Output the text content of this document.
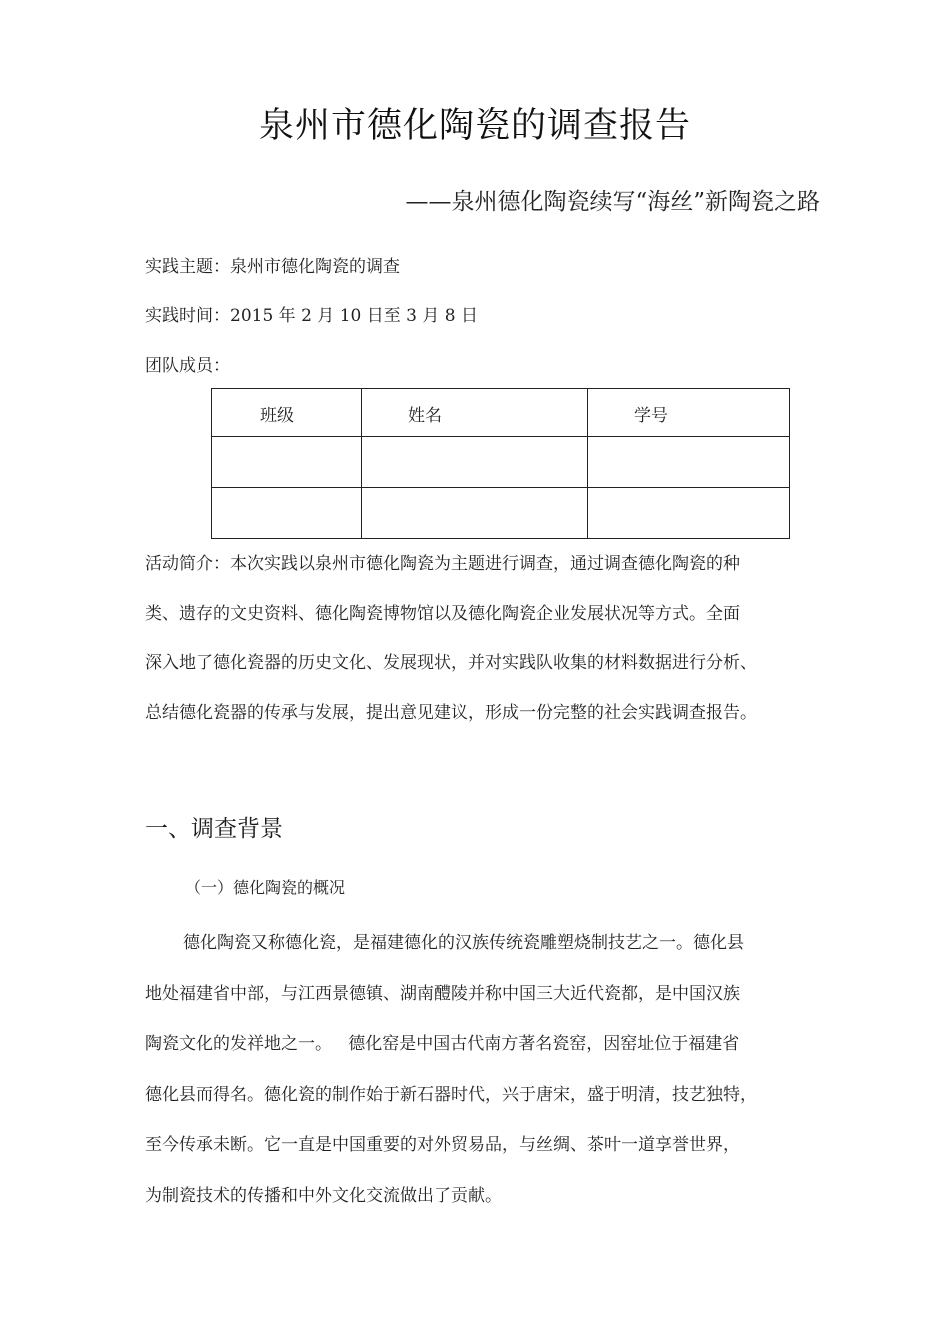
泉州市德化陶瓷的调查报告
——泉州德化陶瓷续写“海丝”新陶瓷之路
实践主题：泉州市德化陶瓷的调查
实践时间：2015 年 2 月 10 日至 3 月 8 日
团队成员：
班级	姓名	学号

活动简介：本次实践以泉州市德化陶瓷为主题进行调查，通过调查德化陶瓷的种
类、遗存的文史资料、德化陶瓷博物馆以及德化陶瓷企业发展状况等方式。全面
深入地了德化瓷器的历史文化、发展现状，并对实践队收集的材料数据进行分析、
总结德化瓷器的传承与发展，提出意见建议，形成一份完整的社会实践调查报告。
一、调查背景
（一）德化陶瓷的概况
德化陶瓷又称德化瓷，是福建德化的汉族传统瓷雕塑烧制技艺之一。德化县
地处福建省中部，与江西景德镇、湖南醴陵并称中国三大近代瓷都，是中国汉族
陶瓷文化的发祥地之一。   德化窑是中国古代南方著名瓷窑，因窑址位于福建省
德化县而得名。德化瓷的制作始于新石器时代，兴于唐宋，盛于明清，技艺独特，
至今传承未断。它一直是中国重要的对外贸易品，与丝绸、茶叶一道享誉世界，
为制瓷技术的传播和中外文化交流做出了贡献。
